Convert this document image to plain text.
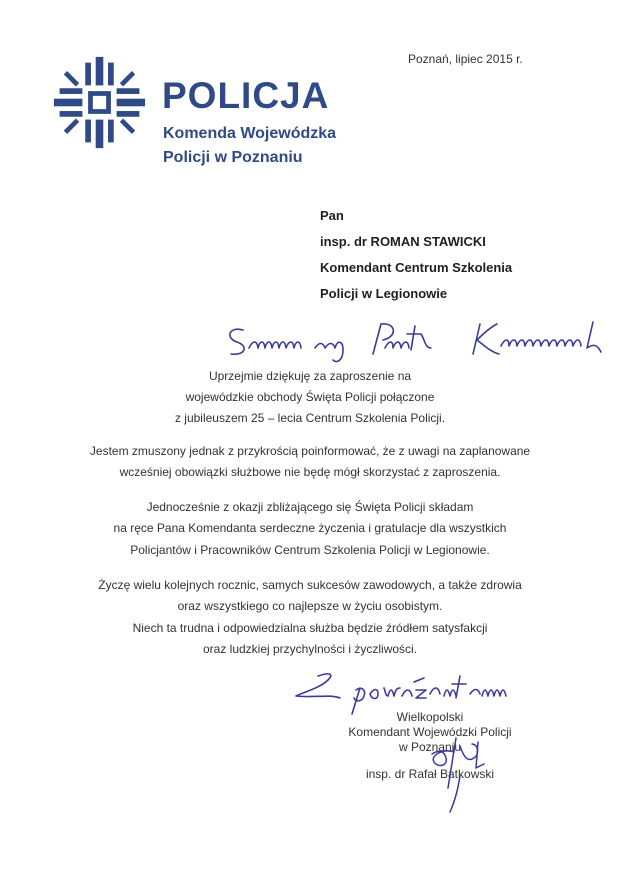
Poznań, lipiec 2015 r.
POLICJA
Komenda Wojewódzka
Policji w Poznaniu
Pan
insp. dr ROMAN STAWICKI
Komendant Centrum Szkolenia
Policji w Legionowie
Uprzejmie dziękuję za zaproszenie na
wojewódzkie obchody Święta Policji połączone
z jubileuszem 25 – lecia Centrum Szkolenia Policji.
Jestem zmuszony jednak z przykrością poinformować, że z uwagi na zaplanowane
wcześniej obowiązki służbowe nie będę mógł skorzystać z zaproszenia.
Jednocześnie z okazji zbliżającego się Święta Policji składam
na ręce Pana Komendanta serdeczne życzenia i gratulacje dla wszystkich
Policjantów i Pracowników Centrum Szkolenia Policji w Legionowie.
Życzę wielu kolejnych rocznic, samych sukcesów zawodowych, a także zdrowia
oraz wszystkiego co najlepsze w życiu osobistym.
Niech ta trudna i odpowiedzialna służba będzie źródłem satysfakcji
oraz ludzkiej przychylności i życzliwości.
Wielkopolski
Komendant Wojewódzki Policji
w Poznaniu
insp. dr Rafał Batkowski
